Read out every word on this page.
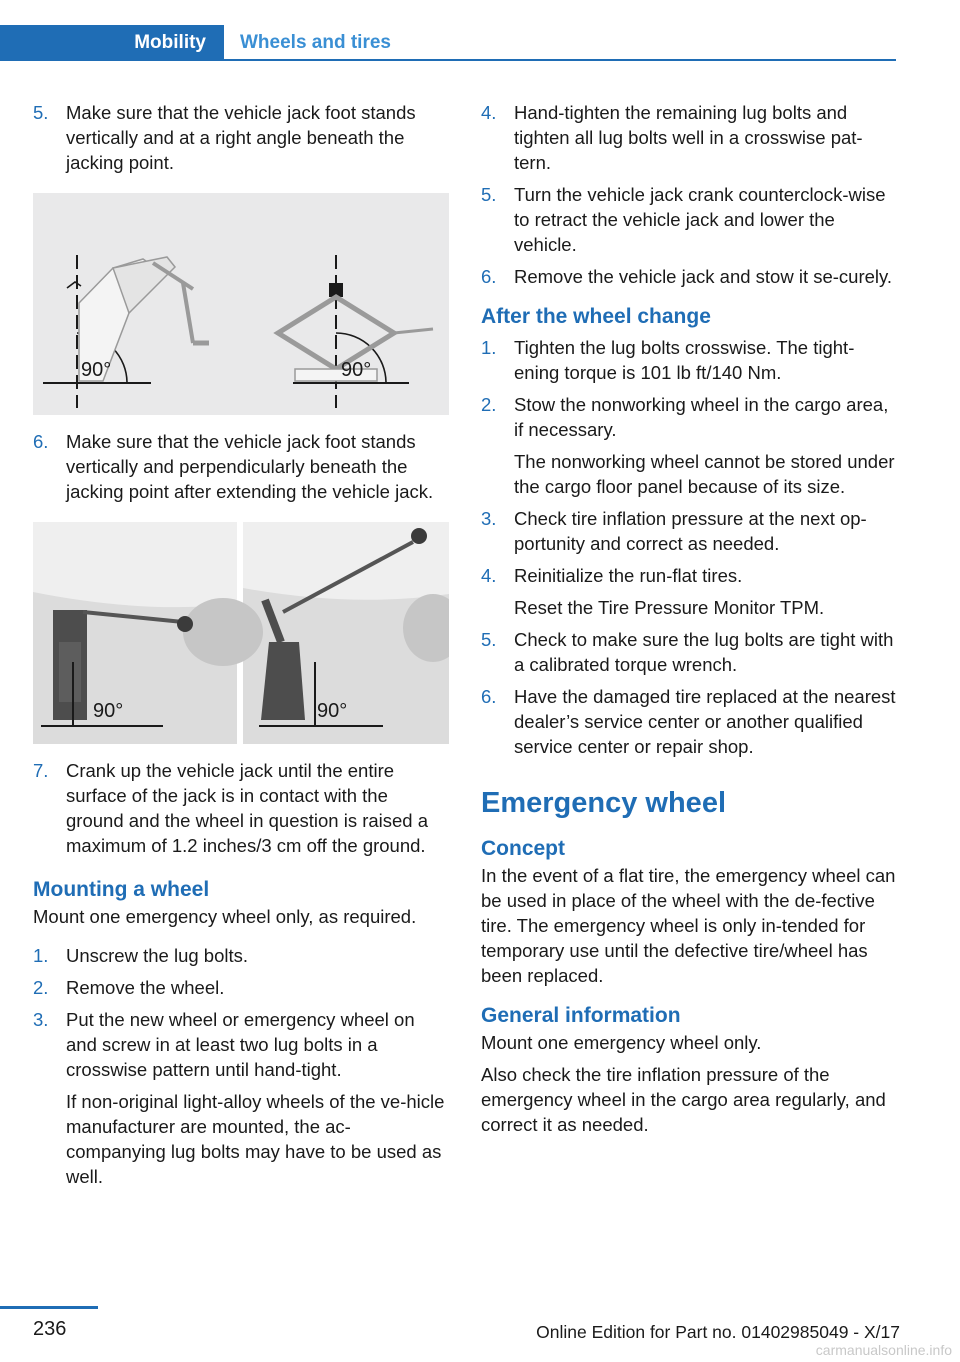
Mobility	Wheels and tires
5. Make sure that the vehicle jack foot stands vertically and at a right angle beneath the jacking point.
90°	90°
6. Make sure that the vehicle jack foot stands vertically and perpendicularly beneath the jacking point after extending the vehicle jack.
90°	90°
7. Crank up the vehicle jack until the entire surface of the jack is in contact with the ground and the wheel in question is raised a maximum of 1.2 inches/3 cm off the ground.
Mounting a wheel

Mount one emergency wheel only, as required.

1. Unscrew the lug bolts.
2. Remove the wheel.
3. Put the new wheel or emergency wheel on and screw in at least two lug bolts in a crosswise pattern until hand-tight.
If non-original light-alloy wheels of the ve‐hicle manufacturer are mounted, the ac‐companying lug bolts may have to be used as well.
4. Hand-tighten the remaining lug bolts and tighten all lug bolts well in a crosswise pat‐tern.
5. Turn the vehicle jack crank counterclock‐wise to retract the vehicle jack and lower the vehicle.
6. Remove the vehicle jack and stow it se‐curely.
After the wheel change
1. Tighten the lug bolts crosswise. The tight‐ening torque is 101 lb ft/140 Nm.
2. Stow the nonworking wheel in the cargo area, if necessary.
The nonworking wheel cannot be stored under the cargo floor panel because of its size.
3. Check tire inflation pressure at the next op‐portunity and correct as needed.
4. Reinitialize the run-flat tires.
Reset the Tire Pressure Monitor TPM.
5. Check to make sure the lug bolts are tight with a calibrated torque wrench.
6. Have the damaged tire replaced at the nearest dealer’s service center or another qualified service center or repair shop.
Emergency wheel
Concept

In the event of a flat tire, the emergency wheel can be used in place of the wheel with the de‐fective tire. The emergency wheel is only in‐tended for temporary use until the defective tire/wheel has been replaced.

General information

Mount one emergency wheel only.

Also check the tire inflation pressure of the emergency wheel in the cargo area regularly, and correct it as needed.

236	Online Edition for Part no. 01402985049 - X/17
carmanualsonline.info
